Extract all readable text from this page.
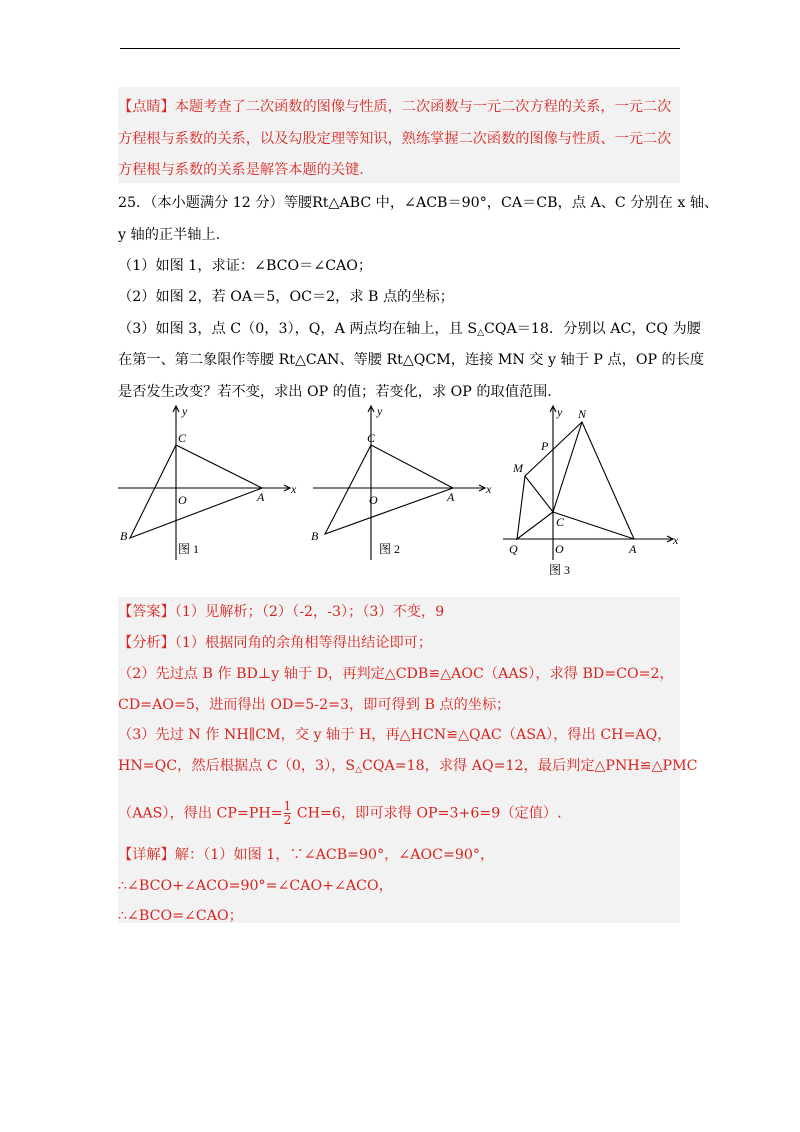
【点睛】本题考查了二次函数的图像与性质，二次函数与一元二次方程的关系，一元二次
方程根与系数的关系，以及勾股定理等知识，熟练掌握二次函数的图像与性质、一元二次
方程根与系数的关系是解答本题的关键.
25．（本小题满分 12 分）等腰Rt△ABC 中，∠ACB＝90°，CA＝CB，点 A、C 分别在 x 轴、
y 轴的正半轴上.
（1）如图 1，求证：∠BCO＝∠CAO；
（2）如图 2，若 OA＝5，OC＝2，求 B 点的坐标；
（3）如图 3，点 C（0，3），Q，A 两点均在轴上，且 $S_\triangle CQA=18$．分别以 AC，CQ 为腰
在第一、第二象限作等腰 Rt△CAN、等腰 Rt△QCM，连接 MN 交 y 轴于 P 点，OP 的长度
是否发生改变？若不变，求出 OP 的值；若变化，求 OP 的取值范围.
y
x
C
O	A
B
图 1
y
x
C
O	A
B
图 2
y
x
N
P
M
C
Q	O	A
图 3
【答案】（1）见解析；（2）（-2，-3）；（3）不变，9
【分析】（1）根据同角的余角相等得出结论即可；
（2）先过点 B 作 BD⊥y 轴于 D，再判定△CDB≌△AOC（AAS），求得 BD=CO=2，
CD=AO=5，进而得出 OD=5-2=3，即可得到 B 点的坐标；
（3）先过 N 作 NH∥CM，交 y 轴于 H，再△HCN≌△QAC（ASA），得出 CH=AQ，
HN=QC，然后根据点 C（0，3），$S_\triangle CQA=18$，求得 AQ=12，最后判定△PNH≌△PMC
（AAS），得出 $CP=PH= \frac{1}{2} CH=6$，即可求得 OP=3+6=9（定值）.
【详解】解：（1）如图 1，∵∠ACB=90°，∠AOC=90°，
∴∠BCO+∠ACO=90°=∠CAO+∠ACO，
∴∠BCO=∠CAO；
